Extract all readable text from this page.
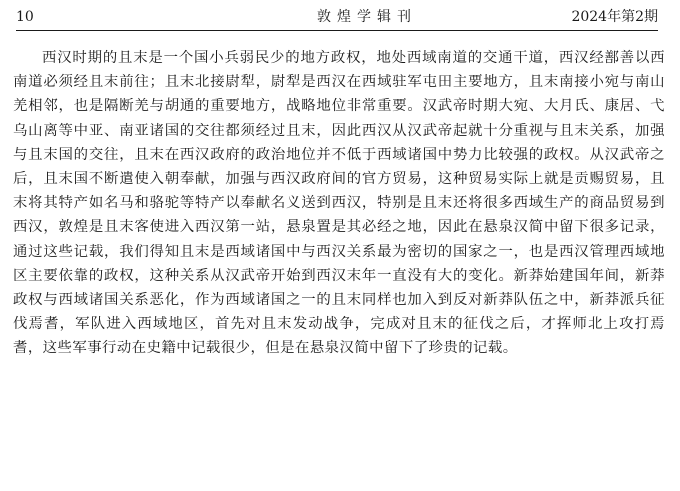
10	敦煌学辑刊	2024年第2期

西汉时期的且末是一个国小兵弱民少的地方政权，地处西域南道的交通干道，西汉经鄯善以西南道必须经且末前往；且末北接尉犁，尉犁是西汉在西域驻军屯田主要地方，且末南接小宛与南山羌相邻，也是隔断羌与胡通的重要地方，战略地位非常重要。汉武帝时期大宛、大月氏、康居、弋乌山离等中亚、南亚诸国的交往都须经过且末，因此西汉从汉武帝起就十分重视与且末关系，加强与且末国的交往，且末在西汉政府的政治地位并不低于西域诸国中势力比较强的政权。从汉武帝之后，且末国不断遣使入朝奉献，加强与西汉政府间的官方贸易，这种贸易实际上就是贡赐贸易，且末将其特产如名马和骆驼等特产以奉献名义送到西汉，特别是且末还将很多西域生产的商品贸易到西汉，敦煌是且末客使进入西汉第一站，悬泉置是其必经之地，因此在悬泉汉简中留下很多记录，通过这些记载，我们得知且末是西域诸国中与西汉关系最为密切的国家之一，也是西汉管理西域地区主要依靠的政权，这种关系从汉武帝开始到西汉末年一直没有大的变化。新莽始建国年间，新莽政权与西域诸国关系恶化，作为西域诸国之一的且末同样也加入到反对新莽队伍之中，新莽派兵征伐焉耆，军队进入西域地区，首先对且末发动战争，完成对且末的征伐之后，才挥师北上攻打焉耆，这些军事行动在史籍中记载很少，但是在悬泉汉简中留下了珍贵的记载。
